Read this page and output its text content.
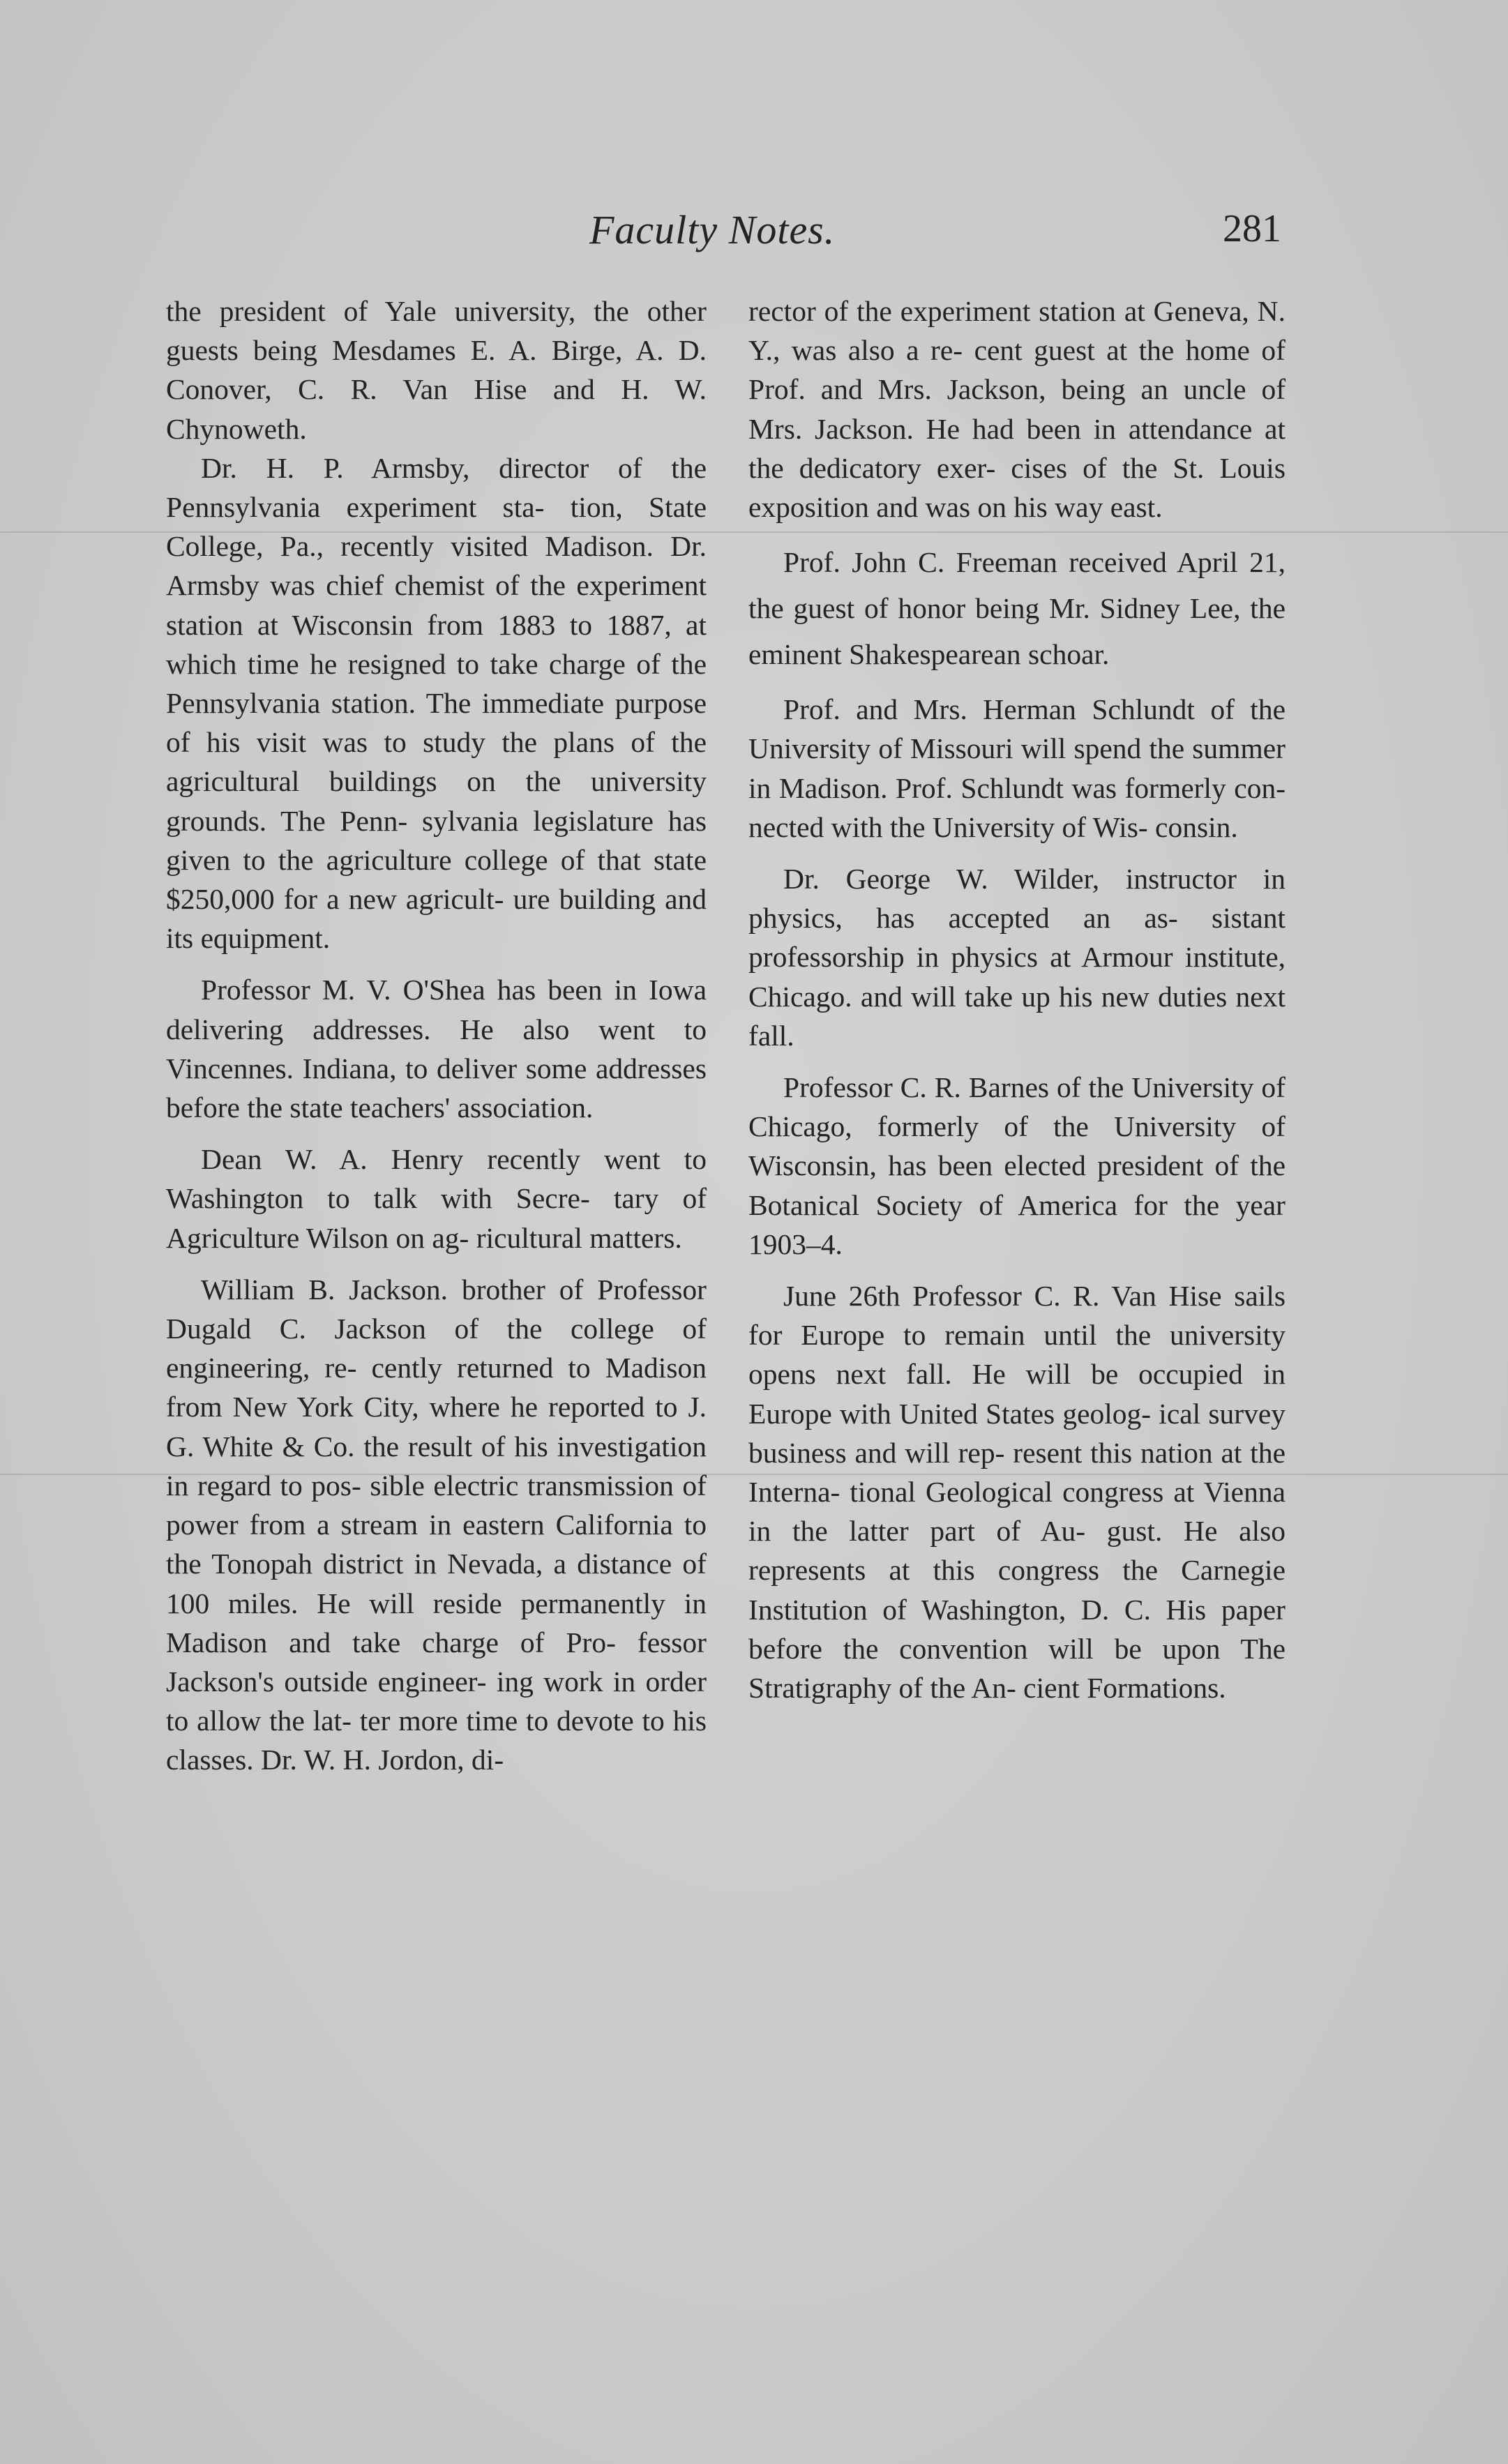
Faculty Notes.	281

the president of Yale university, the other guests being Mesdames E. A. Birge, A. D. Conover, C. R. Van Hise and H. W. Chynoweth.

Dr. H. P. Armsby, director of the Pennsylvania experiment sta- tion, State College, Pa., recently visited Madison. Dr. Armsby was chief chemist of the experiment station at Wisconsin from 1883 to 1887, at which time he resigned to take charge of the Pennsylvania station. The immediate purpose of his visit was to study the plans of the agricultural buildings on the university grounds. The Penn- sylvania legislature has given to the agriculture college of that state $250,000 for a new agricult- ure building and its equipment.

Professor M. V. O'Shea has been in Iowa delivering addresses. He also went to Vincennes. Indiana, to deliver some addresses before the state teachers' association.

Dean W. A. Henry recently went to Washington to talk with Secre- tary of Agriculture Wilson on ag- ricultural matters.

William B. Jackson. brother of Professor Dugald C. Jackson of the college of engineering, re- cently returned to Madison from New York City, where he reported to J. G. White & Co. the result of his investigation in regard to pos- sible electric transmission of power from a stream in eastern California to the Tonopah district in Nevada, a distance of 100 miles. He will reside permanently in Madison and take charge of Pro- fessor Jackson's outside engineer- ing work in order to allow the lat- ter more time to devote to his classes. Dr. W. H. Jordon, di-

rector of the experiment station at Geneva, N. Y., was also a re- cent guest at the home of Prof. and Mrs. Jackson, being an uncle of Mrs. Jackson. He had been in attendance at the dedicatory exer- cises of the St. Louis exposition and was on his way east.

Prof. John C. Freeman received April 21, the guest of honor being Mr. Sidney Lee, the eminent Shakespearean schoar.

Prof. and Mrs. Herman Schlundt of the University of Missouri will spend the summer in Madison. Prof. Schlundt was formerly con- nected with the University of Wis- consin.

Dr. George W. Wilder, instructor in physics, has accepted an as- sistant professorship in physics at Armour institute, Chicago. and will take up his new duties next fall.

Professor C. R. Barnes of the University of Chicago, formerly of the University of Wisconsin, has been elected president of the Botanical Society of America for the year 1903–4.

June 26th Professor C. R. Van Hise sails for Europe to remain until the university opens next fall. He will be occupied in Europe with United States geolog- ical survey business and will rep- resent this nation at the Interna- tional Geological congress at Vienna in the latter part of Au- gust. He also represents at this congress the Carnegie Institution of Washington, D. C. His paper before the convention will be upon The Stratigraphy of the An- cient Formations.
